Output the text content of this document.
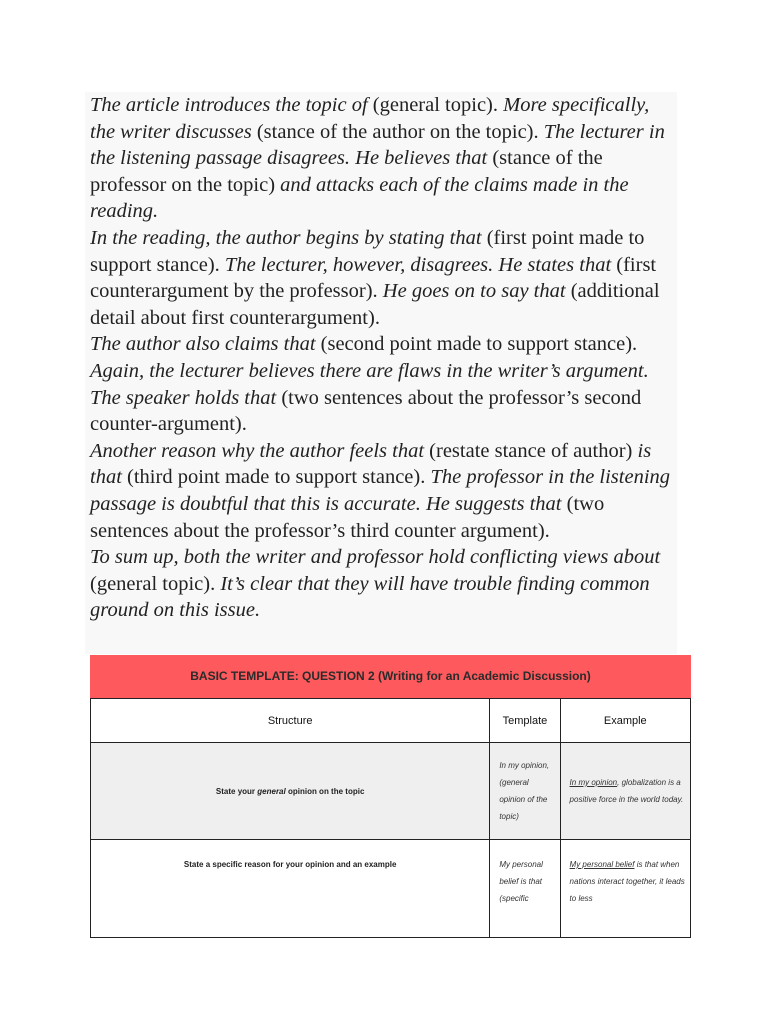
The article introduces the topic of (general topic). More specifically, the writer discusses (stance of the author on the topic). The lecturer in the listening passage disagrees. He believes that (stance of the professor on the topic) and attacks each of the claims made in the reading.

In the reading, the author begins by stating that (first point made to support stance). The lecturer, however, disagrees. He states that (first counterargument by the professor). He goes on to say that (additional detail about first counterargument).

The author also claims that (second point made to support stance). Again, the lecturer believes there are flaws in the writer’s argument. The speaker holds that (two sentences about the professor’s second counter-argument).

Another reason why the author feels that (restate stance of author) is that (third point made to support stance). The professor in the listening passage is doubtful that this is accurate. He suggests that (two sentences about the professor’s third counter argument).

To sum up, both the writer and professor hold conflicting views about (general topic). It’s clear that they will have trouble finding common ground on this issue.

BASIC TEMPLATE: QUESTION 2 (Writing for an Academic Discussion)
Structure	Template	Example
State your general opinion on the topic	In my opinion, (general opinion of the topic)	In my opinion, globalization is a positive force in the world today.
State a specific reason for your opinion and an example	My personal belief is that (specific	My personal belief is that when nations interact together, it leads to less
